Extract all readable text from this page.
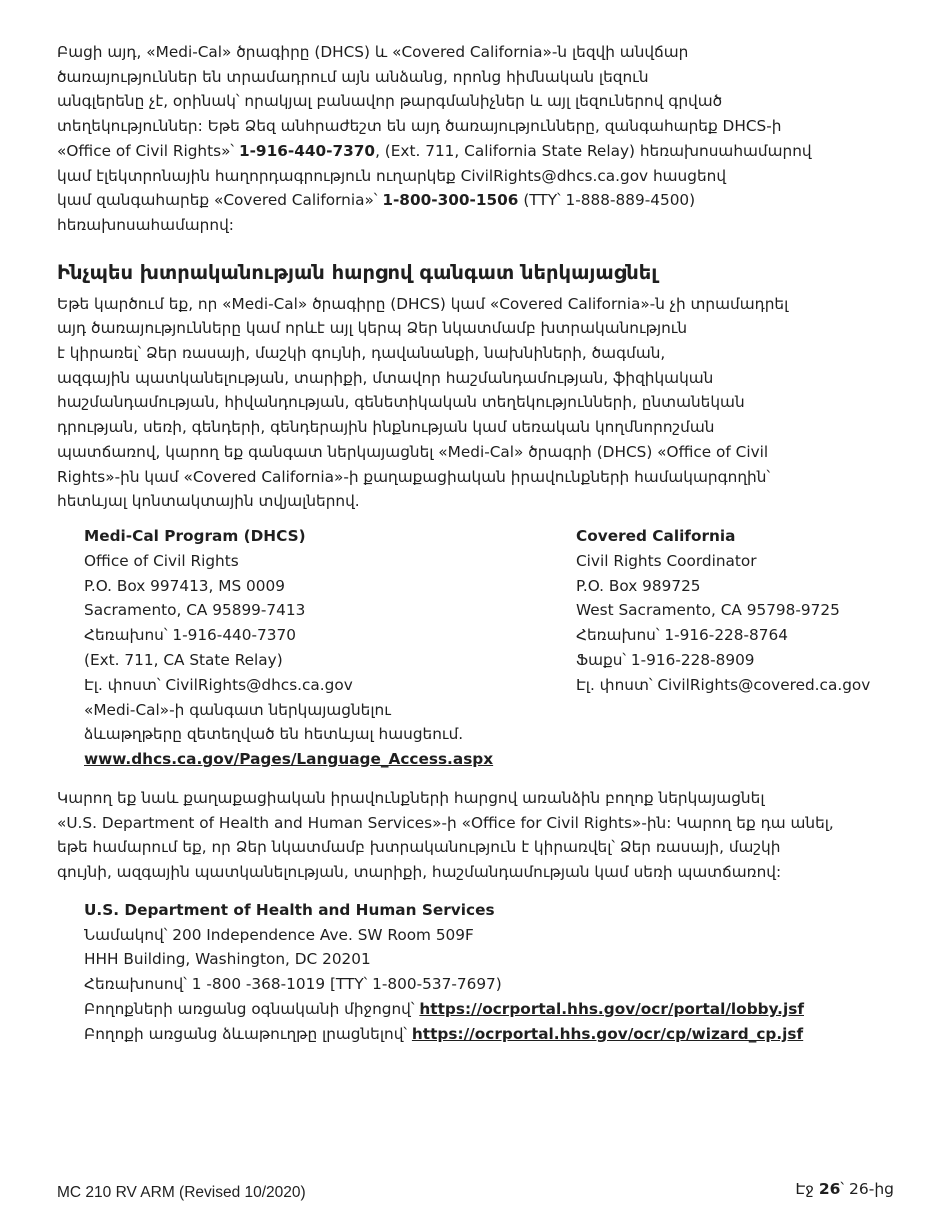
Բացի այդ, «Medi-Cal» ծրագիրը (DHCS) և «Covered California»-ն լեզվի անվճար
ծառայություններ են տրամադրում այն անձանց, որոնց հիմնական լեզուն
անգլերենը չէ, օրինակ՝ որակյալ բանավոր թարգմանիչներ և այլ լեզուներով գրված
տեղեկություններ: Եթե Ձեզ անհրաժեշտ են այդ ծառայությունները, զանգահարեք DHCS-ի
«Office of Civil Rights»՝ 1-916-440-7370, (Ext. 711, California State Relay) հեռախոսահամարով
կամ էլեկտրոնային հաղորդագրություն ուղարկեք CivilRights@dhcs.ca.gov հասցեով
կամ զանգահարեք «Covered California»՝ 1-800-300-1506 (TTY՝ 1-888-889-4500)
հեռախոսահամարով:

Ինչպես խտրականության հարցով գանգատ ներկայացնել

Եթե կարծում եք, որ «Medi-Cal» ծրագիրը (DHCS) կամ «Covered California»-ն չի տրամադրել
այդ ծառայությունները կամ որևէ այլ կերպ Ձեր նկատմամբ խտրականություն
է կիրառել՝ Ձեր ռասայի, մաշկի գույնի, դավանանքի, նախնիների, ծագման,
ազգային պատկանելության, տարիքի, մտավոր հաշմանդամության, ֆիզիկական
հաշմանդամության, հիվանդության, գենետիկական տեղեկությունների, ընտանեկան
դրության, սեռի, գենդերի, գենդերային ինքնության կամ սեռական կողմնորոշման
պատճառով, կարող եք գանգատ ներկայացնել «Medi-Cal» ծրագրի (DHCS) «Office of Civil
Rights»-ին կամ «Covered California»-ի քաղաքացիական իրավունքների համակարգողին՝
հետևյալ կոնտակտային տվյալներով.

Medi-Cal Program (DHCS)
Office of Civil Rights
P.O. Box 997413, MS 0009
Sacramento, CA 95899-7413
Հեռախոս՝ 1-916-440-7370
(Ext. 711, CA State Relay)
Էլ. փոստ՝ CivilRights@dhcs.ca.gov
«Medi-Cal»-ի գանգատ ներկայացնելու
ձևաթղթերը զետեղված են հետևյալ հասցեում.
www.dhcs.ca.gov/Pages/Language_Access.aspx
Covered California
Civil Rights Coordinator
P.O. Box 989725
West Sacramento, CA 95798-9725
Հեռախոս՝ 1-916-228-8764
Ֆաքս՝ 1-916-228-8909
Էլ. փոստ՝ CivilRights@covered.ca.gov

Կարող եք նաև քաղաքացիական իրավունքների հարցով առանձին բողոք ներկայացնել
«U.S. Department of Health and Human Services»-ի «Office for Civil Rights»-ին: Կարող եք դա անել,
եթե համարում եք, որ Ձեր նկատմամբ խտրականություն է կիրառվել՝ Ձեր ռասայի, մաշկի
գույնի, ազգային պատկանելության, տարիքի, հաշմանդամության կամ սեռի պատճառով:

U.S. Department of Health and Human Services
Նամակով՝ 200 Independence Ave. SW Room 509F
HHH Building, Washington, DC 20201
Հեռախոսով՝ 1 -800 -368-1019 [TTY՝ 1-800-537-7697)
Բողոքների առցանց օգնականի միջոցով՝ https://ocrportal.hhs.gov/ocr/portal/lobby.jsf
Բողոքի առցանց ձևաթուղթը լրացնելով՝ https://ocrportal.hhs.gov/ocr/cp/wizard_cp.jsf
MC 210 RV ARM (Revised 10/2020)	Էջ 26՝ 26-ից
